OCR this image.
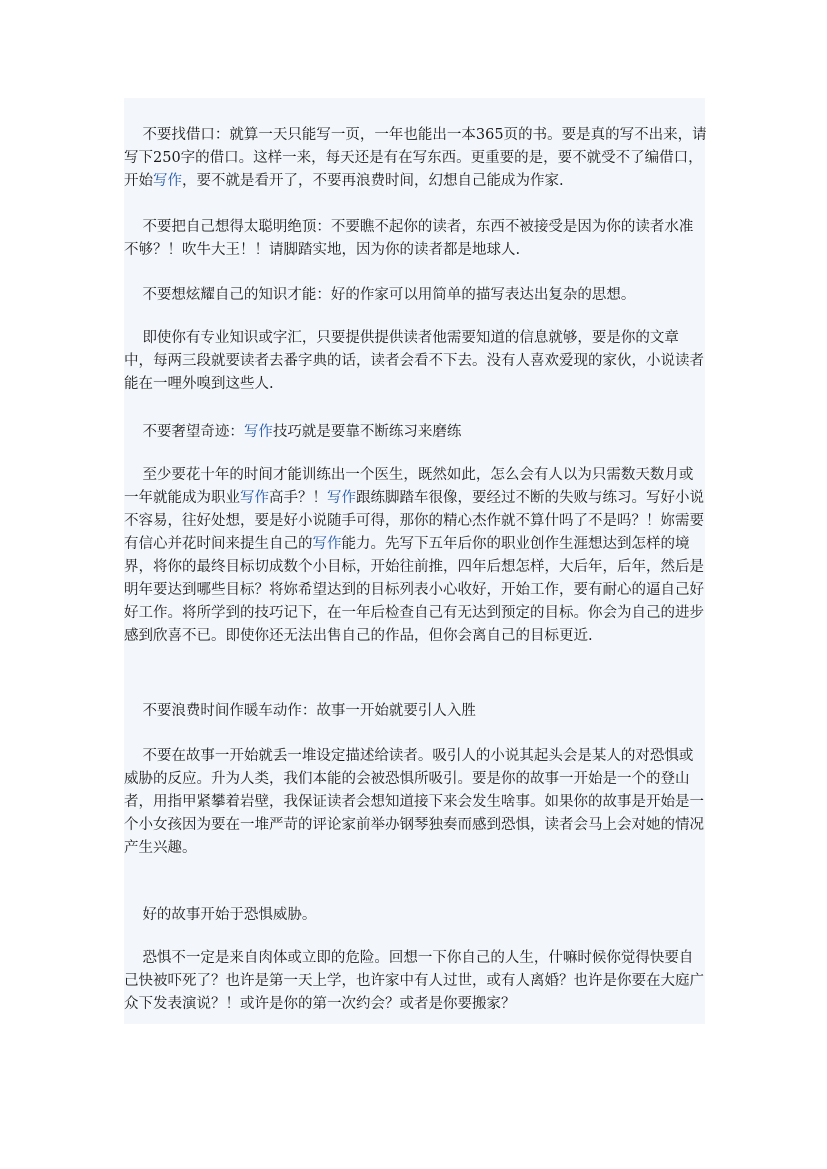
不要找借口：就算一天只能写一页，一年也能出一本365页的书。要是真的写不出来，请写下250字的借口。这样一来，每天还是有在写东西。更重要的是，要不就受不了编借口，开始写作，要不就是看开了，不要再浪费时间，幻想自己能成为作家.

不要把自己想得太聪明绝顶：不要瞧不起你的读者，东西不被接受是因为你的读者水准不够？！吹牛大王！！请脚踏实地，因为你的读者都是地球人.

不要想炫耀自己的知识才能：好的作家可以用简单的描写表达出复杂的思想。

即使你有专业知识或字汇，只要提供提供读者他需要知道的信息就够，要是你的文章中，每两三段就要读者去番字典的话，读者会看不下去。没有人喜欢爱现的家伙，小说读者能在一哩外嗅到这些人.

不要奢望奇迹：写作技巧就是要靠不断练习来磨练

至少要花十年的时间才能训练出一个医生，既然如此，怎么会有人以为只需数天数月或一年就能成为职业写作高手？！写作跟练脚踏车很像，要经过不断的失败与练习。写好小说不容易，往好处想，要是好小说随手可得，那你的精心杰作就不算什吗了不是吗？！妳需要有信心并花时间来提生自己的写作能力。先写下五年后你的职业创作生涯想达到怎样的境界，将你的最终目标切成数个小目标，开始往前推，四年后想怎样，大后年，后年，然后是明年要达到哪些目标？将妳希望达到的目标列表小心收好，开始工作，要有耐心的逼自己好好工作。将所学到的技巧记下，在一年后检查自己有无达到预定的目标。你会为自己的进步感到欣喜不已。即使你还无法出售自己的作品，但你会离自己的目标更近.

不要浪费时间作暖车动作：故事一开始就要引人入胜

不要在故事一开始就丢一堆设定描述给读者。吸引人的小说其起头会是某人的对恐惧或威胁的反应。升为人类，我们本能的会被恐惧所吸引。要是你的故事一开始是一个的登山者，用指甲紧攀着岩壁，我保证读者会想知道接下来会发生啥事。如果你的故事是开始是一个小女孩因为要在一堆严苛的评论家前举办钢琴独奏而感到恐惧，读者会马上会对她的情况产生兴趣。

好的故事开始于恐惧威胁。

恐惧不一定是来自肉体或立即的危险。回想一下你自己的人生，什嘛时候你觉得快要自己快被吓死了？也许是第一天上学，也许家中有人过世，或有人离婚？也许是你要在大庭广众下发表演说？！或许是你的第一次约会？或者是你要搬家？
